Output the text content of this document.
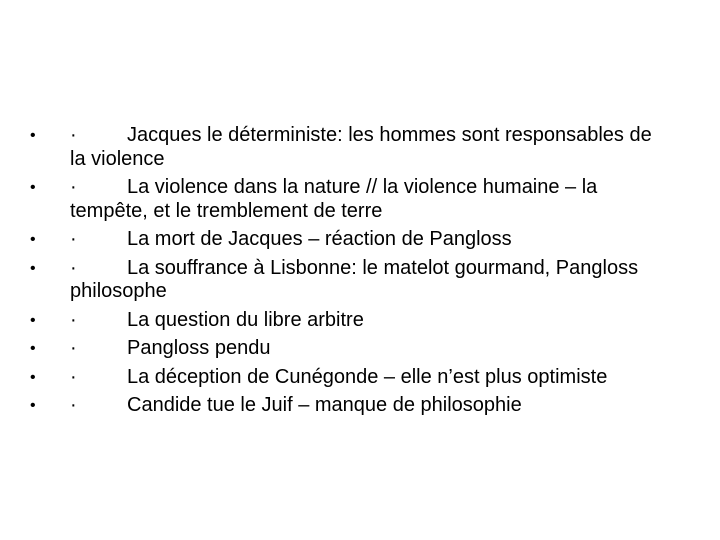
•	·	Jacques le déterministe: les hommes sont responsables de la violence
•	·	La violence dans la nature // la violence humaine – la tempête, et le tremblement de terre
•	·	La mort de Jacques – réaction de Pangloss
•	·	La souffrance à Lisbonne: le matelot gourmand, Pangloss philosophe
•	·	La question du libre arbitre
•	·	Pangloss pendu
•	·	La déception de Cunégonde – elle n’est plus optimiste
•	·	Candide tue le Juif – manque de philosophie
